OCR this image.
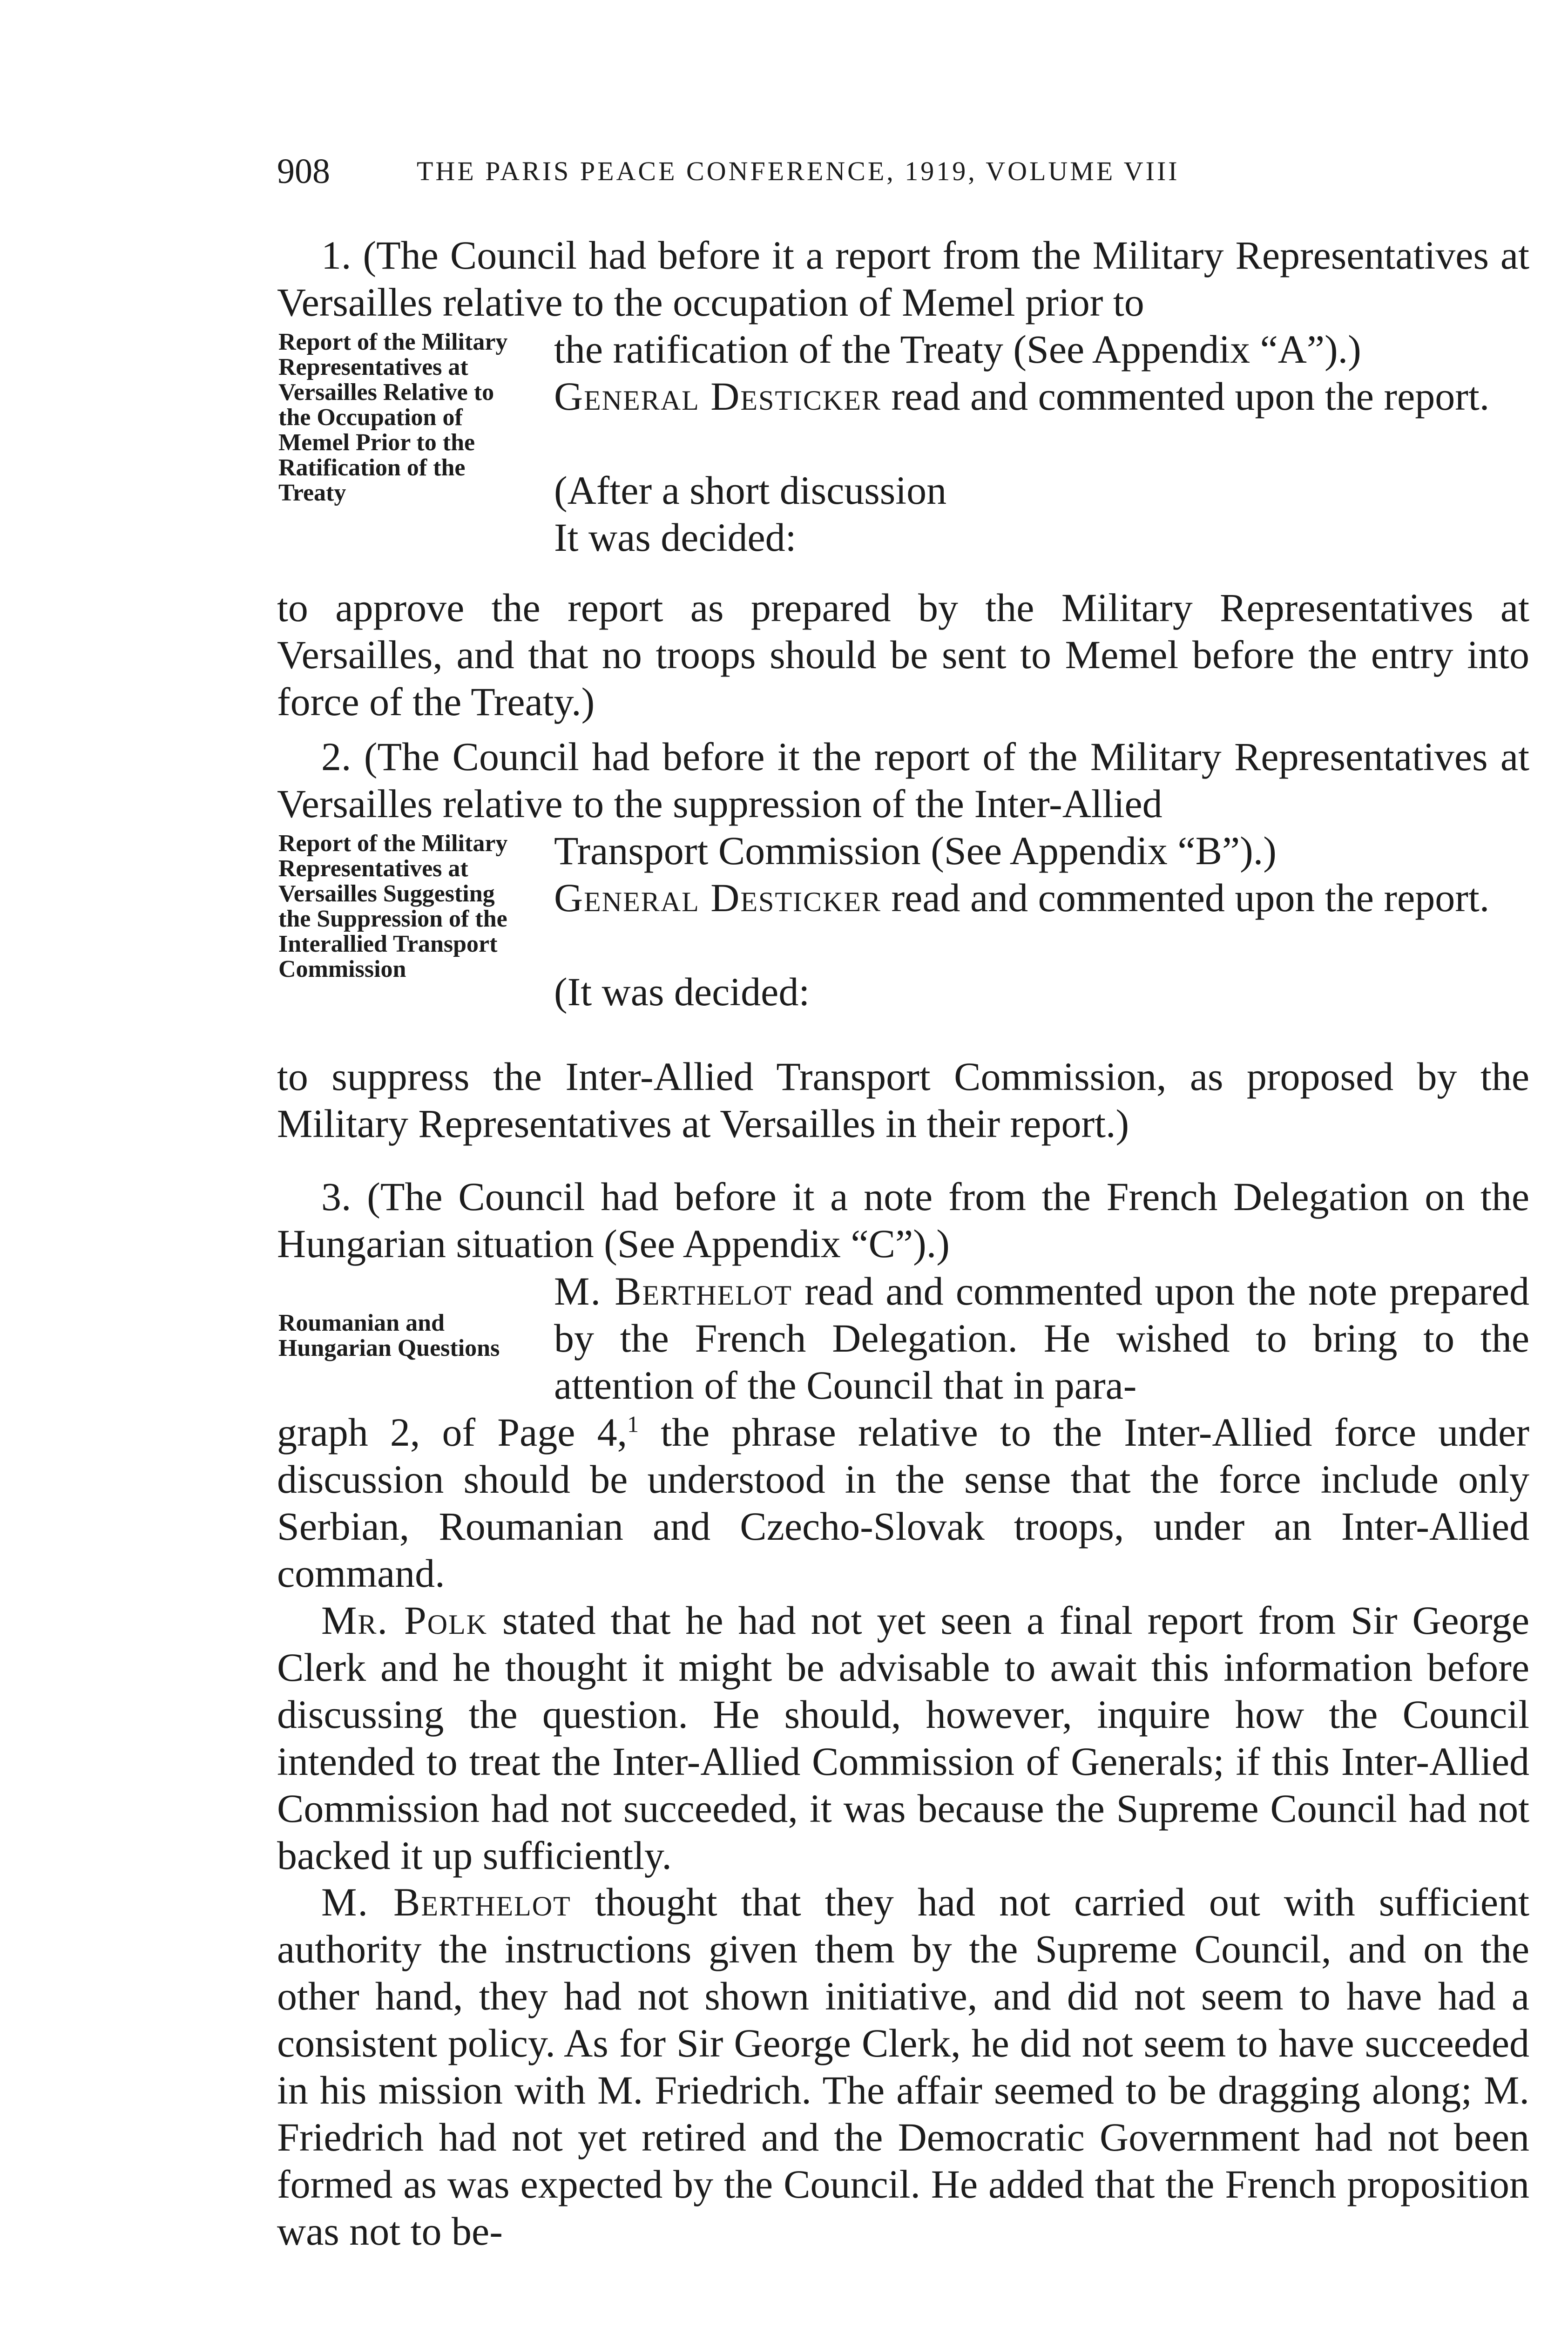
908	THE PARIS PEACE CONFERENCE, 1919, VOLUME VIII

1. (The Council had before it a report from the Military Representatives at Versailles relative to the occupation of Memel prior to

Report of the Military Representatives at Versailles Relative to the Occupation of Memel Prior to the Ratification of the Treaty

the ratification of the Treaty (See Appendix “A”).)

General Desticker read and commented upon the report.

(After a short discussion

It was decided:

to approve the report as prepared by the Military Representatives at Versailles, and that no troops should be sent to Memel before the entry into force of the Treaty.)

2. (The Council had before it the report of the Military Representatives at Versailles relative to the suppression of the Inter-Allied

Report of the Military Representatives at Versailles Suggesting the Suppression of the Interallied Transport Commission

Transport Commission (See Appendix “B”).)

General Desticker read and commented upon the report.

(It was decided:

to suppress the Inter-Allied Transport Commission, as proposed by the Military Representatives at Versailles in their report.)

3. (The Council had before it a note from the French Delegation on the Hungarian situation (See Appendix “C”).)

Roumanian and Hungarian Questions

M. Berthelot read and commented upon the note prepared by the French Delegation. He wished to bring to the attention of the Council that in para-

graph 2, of Page 4,$^1$ the phrase relative to the Inter-Allied force under discussion should be understood in the sense that the force include only Serbian, Roumanian and Czecho-Slovak troops, under an Inter-Allied command.

Mr. Polk stated that he had not yet seen a final report from Sir George Clerk and he thought it might be advisable to await this information before discussing the question. He should, however, inquire how the Council intended to treat the Inter-Allied Commission of Generals; if this Inter-Allied Commission had not succeeded, it was because the Supreme Council had not backed it up sufficiently.

M. Berthelot thought that they had not carried out with sufficient authority the instructions given them by the Supreme Council, and on the other hand, they had not shown initiative, and did not seem to have had a consistent policy. As for Sir George Clerk, he did not seem to have succeeded in his mission with M. Friedrich. The affair seemed to be dragging along; M. Friedrich had not yet retired and the Democratic Government had not been formed as was expected by the Council. He added that the French proposition was not to be-
